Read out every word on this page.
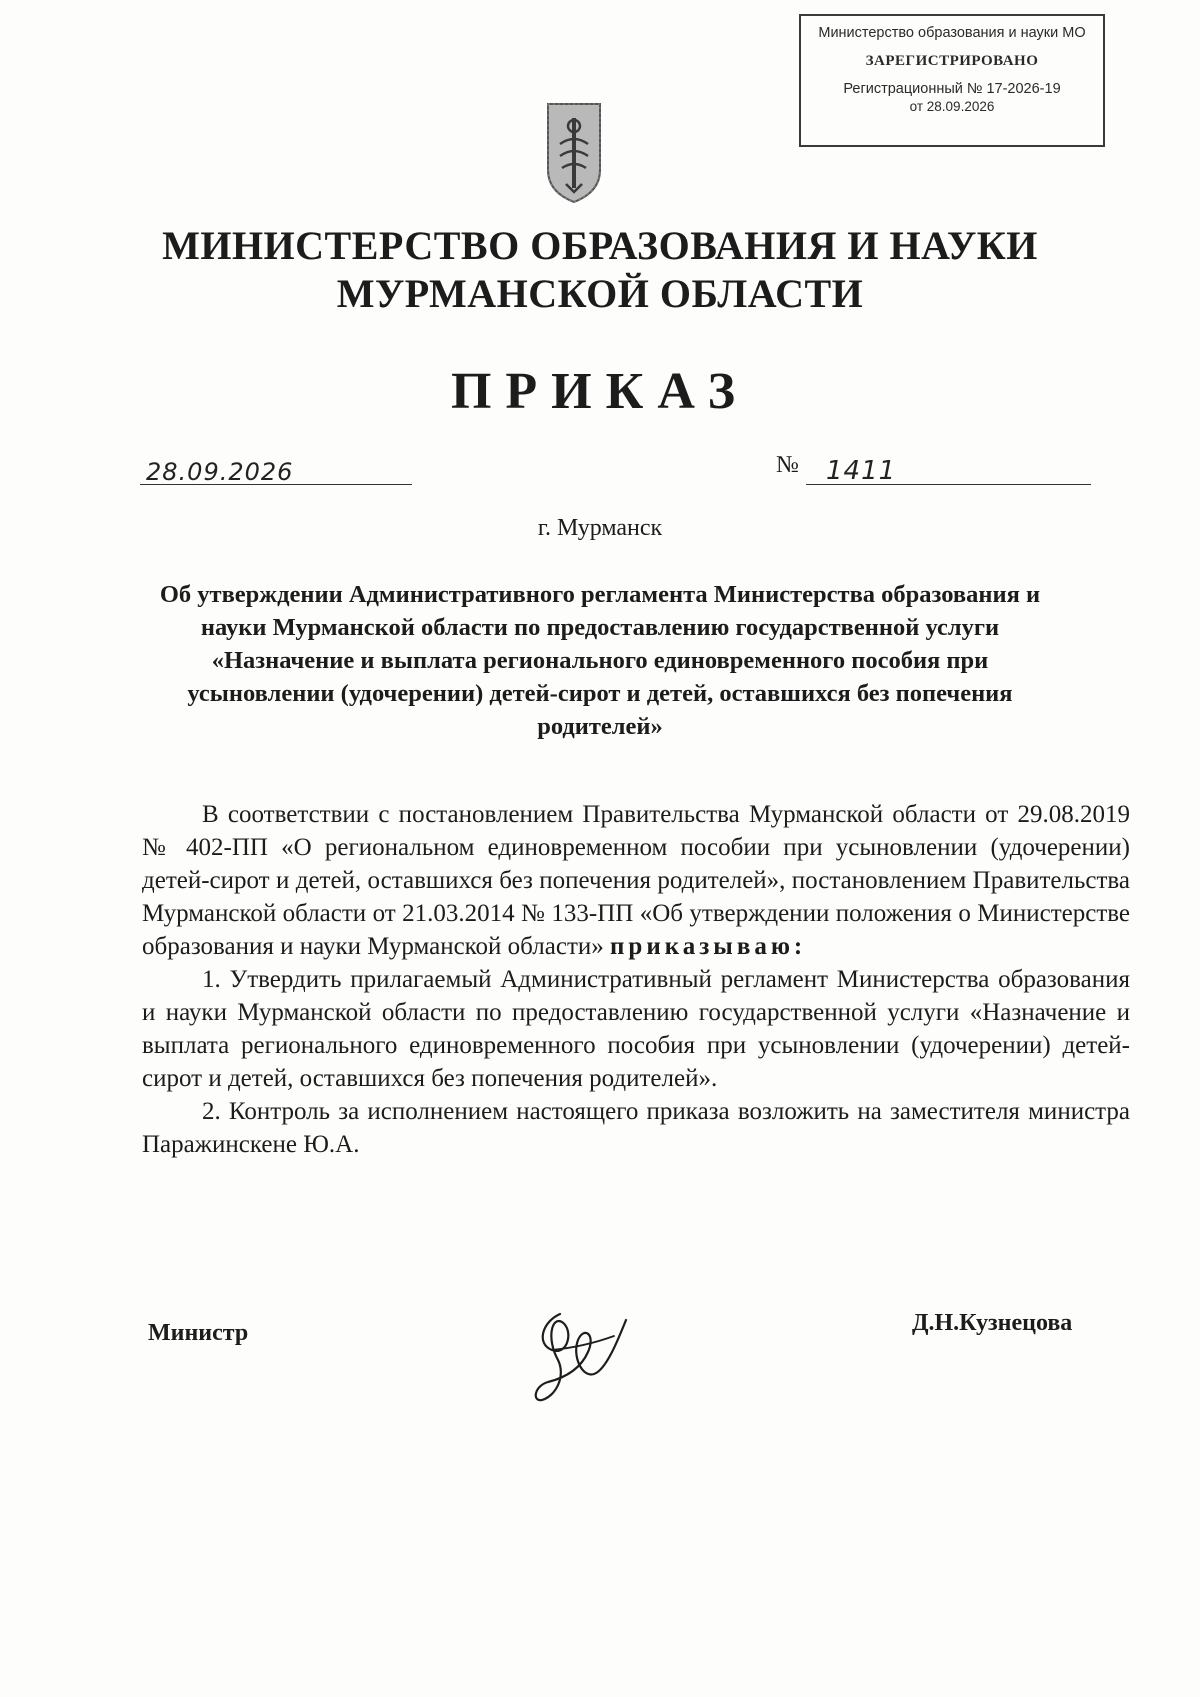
Министерство образования и науки МО
ЗАРЕГИСТРИРОВАНО
Регистрационный № 17-2026-19
от 28.09.2026
МИНИСТЕРСТВО ОБРАЗОВАНИЯ И НАУКИ
МУРМАНСКОЙ ОБЛАСТИ
ПРИКАЗ
28.09.2026	№ 1411
г. Мурманск
Об утверждении Административного регламента Министерства образования и науки Мурманской области по предоставлению государственной услуги «Назначение и выплата регионального единовременного пособия при усыновлении (удочерении) детей-сирот и детей, оставшихся без попечения родителей»

В соответствии с постановлением Правительства Мурманской области от 29.08.2019 № 402-ПП «О региональном единовременном пособии при усыновлении (удочерении) детей-сирот и детей, оставшихся без попечения родителей», постановлением Правительства Мурманской области от 21.03.2014 № 133-ПП «Об утверждении положения о Министерстве образования и науки Мурманской области» приказываю:

1. Утвердить прилагаемый Административный регламент Министерства образования и науки Мурманской области по предоставлению государственной услуги «Назначение и выплата регионального единовременного пособия при усыновлении (удочерении) детей-сирот и детей, оставшихся без попечения родителей».

2. Контроль за исполнением настоящего приказа возложить на заместителя министра Паражинскене Ю.А.

Министр	Д.Н.Кузнецова
